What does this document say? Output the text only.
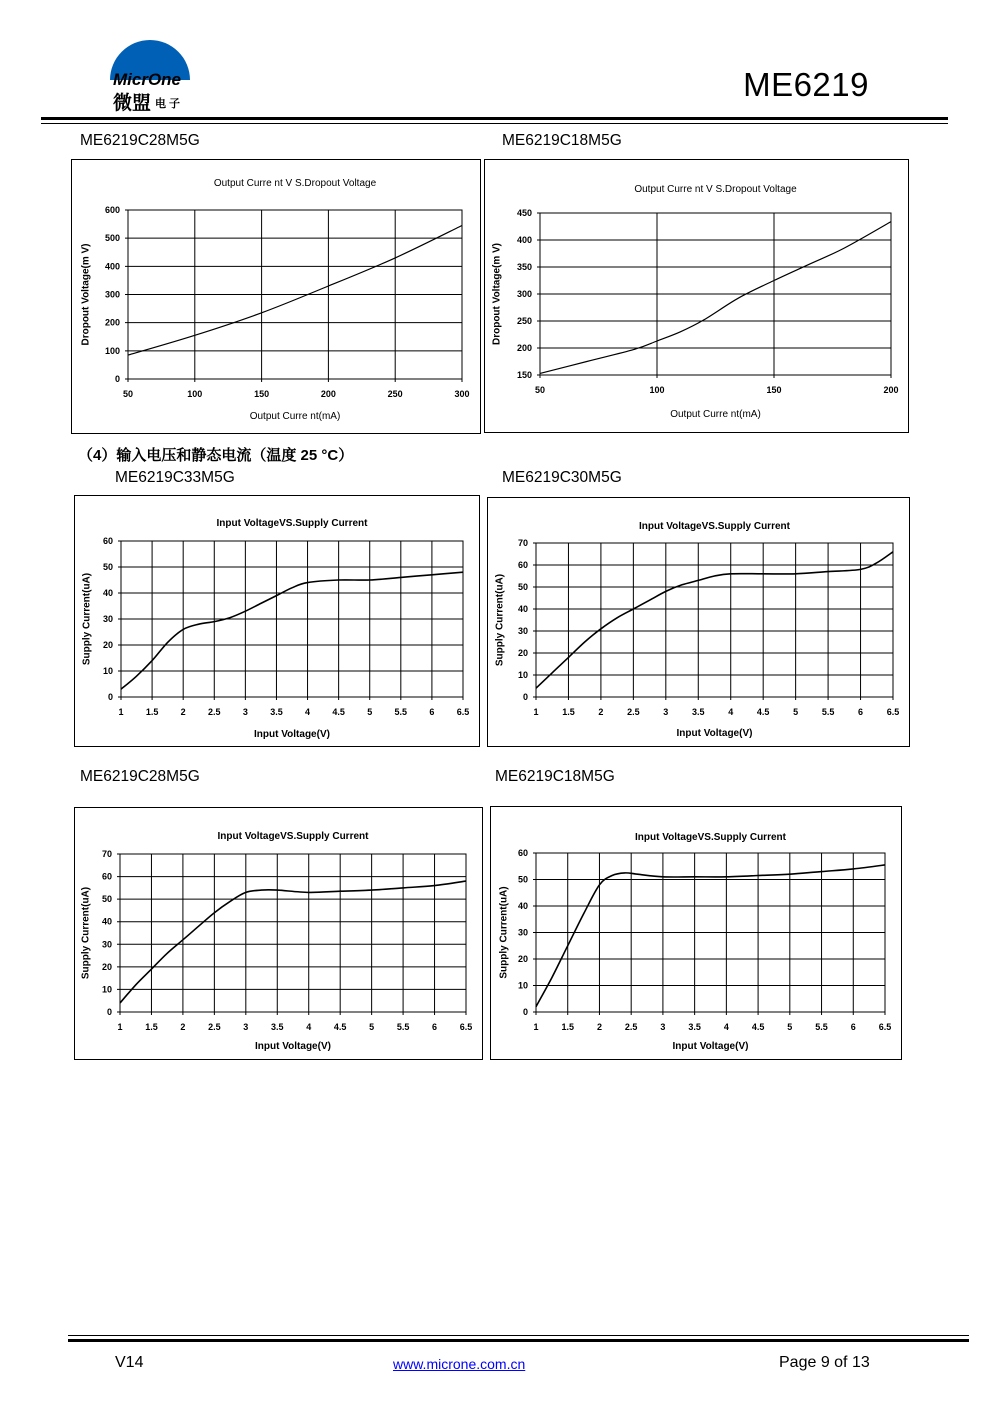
MicrOne
微盟 电子
ME6219
ME6219C28M5G	ME6219C18M5G
（4）输入电压和静态电流（温度 25 °C）
ME6219C33M5G	ME6219C30M5G
ME6219C28M5G	ME6219C18M5G
0
100
200
300
400
500
600
50	100	150	200	250	300
Output Curre nt V S.Dropout Voltage
Output Curre nt(mA)
Dropout Voltage(m V)
150
200
250
300
350
400
450
50	100	150	200
Output Curre nt V S.Dropout Voltage
Output Curre nt(mA)
Dropout Voltage(m V)
0
10
20
30
40
50
60
1 1.5 2 2.5 3 3.5 4 4.5 5 5.5 6 6.5
Input VoltageVS.Supply Current
Input Voltage(V)
Supply Current(uA)
0
10
20
30
40
50
60
70
1	1.5	2	2.5	3	3.5	4	4.5	5	5.5	6	6.5
Input VoltageVS.Supply Current
Input Voltage(V)
Supply Current(uA)
0
10
20
30
40
50
60
70
1	1.5	2	2.5	3	3.5	4	4.5	5	5.5	6	6.5
Input VoltageVS.Supply Current
Input Voltage(V)
Supply Current(uA)
0
10
20
30
40
50
60
1	1.5	2	2.5	3	3.5	4	4.5	5	5.5	6	6.5
Input VoltageVS.Supply Current
Input Voltage(V)
Supply Current(uA)
V14	www.microne.com.cn	Page 9 of 13
